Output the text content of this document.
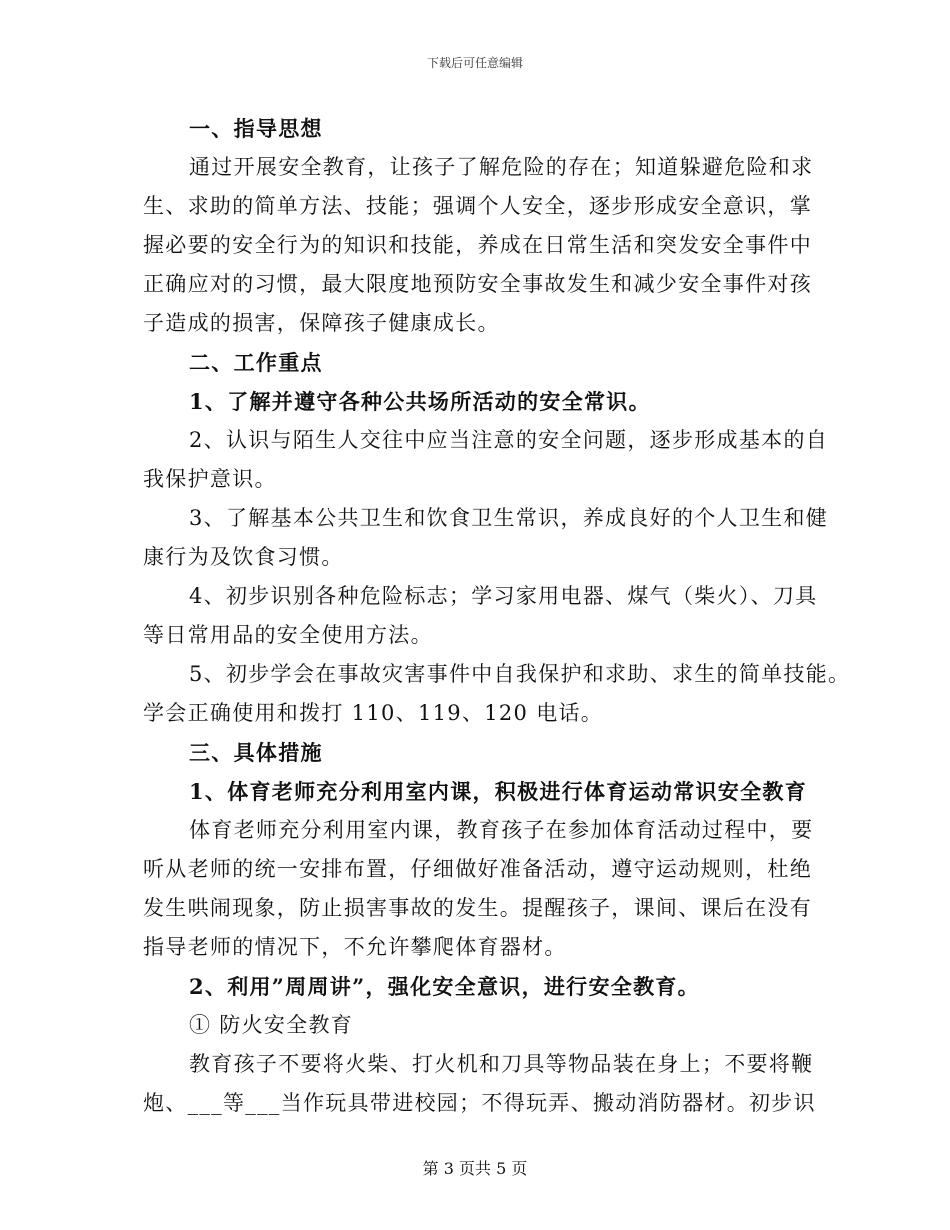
下载后可任意编辑
一、指导思想
通过开展安全教育，让孩子了解危险的存在；知道躲避危险和求
生、求助的简单方法、技能；强调个人安全，逐步形成安全意识，掌
握必要的安全行为的知识和技能，养成在日常生活和突发安全事件中
正确应对的习惯，最大限度地预防安全事故发生和减少安全事件对孩
子造成的损害，保障孩子健康成长。
二、工作重点
1、了解并遵守各种公共场所活动的安全常识。
2、认识与陌生人交往中应当注意的安全问题，逐步形成基本的自
我保护意识。
3、了解基本公共卫生和饮食卫生常识，养成良好的个人卫生和健
康行为及饮食习惯。
4、初步识别各种危险标志；学习家用电器、煤气（柴火）、刀具
等日常用品的安全使用方法。
5、初步学会在事故灾害事件中自我保护和求助、求生的简单技能。
学会正确使用和拨打 110、119、120 电话。
三、具体措施
1、体育老师充分利用室内课，积极进行体育运动常识安全教育
体育老师充分利用室内课，教育孩子在参加体育活动过程中，要
听从老师的统一安排布置，仔细做好准备活动，遵守运动规则，杜绝
发生哄闹现象，防止损害事故的发生。提醒孩子，课间、课后在没有
指导老师的情况下，不允许攀爬体育器材。
2、利用”周周讲”，强化安全意识，进行安全教育。
① 防火安全教育
教育孩子不要将火柴、打火机和刀具等物品装在身上；不要将鞭
炮、___等___当作玩具带进校园；不得玩弄、搬动消防器材。初步识
第 3 页共 5 页
